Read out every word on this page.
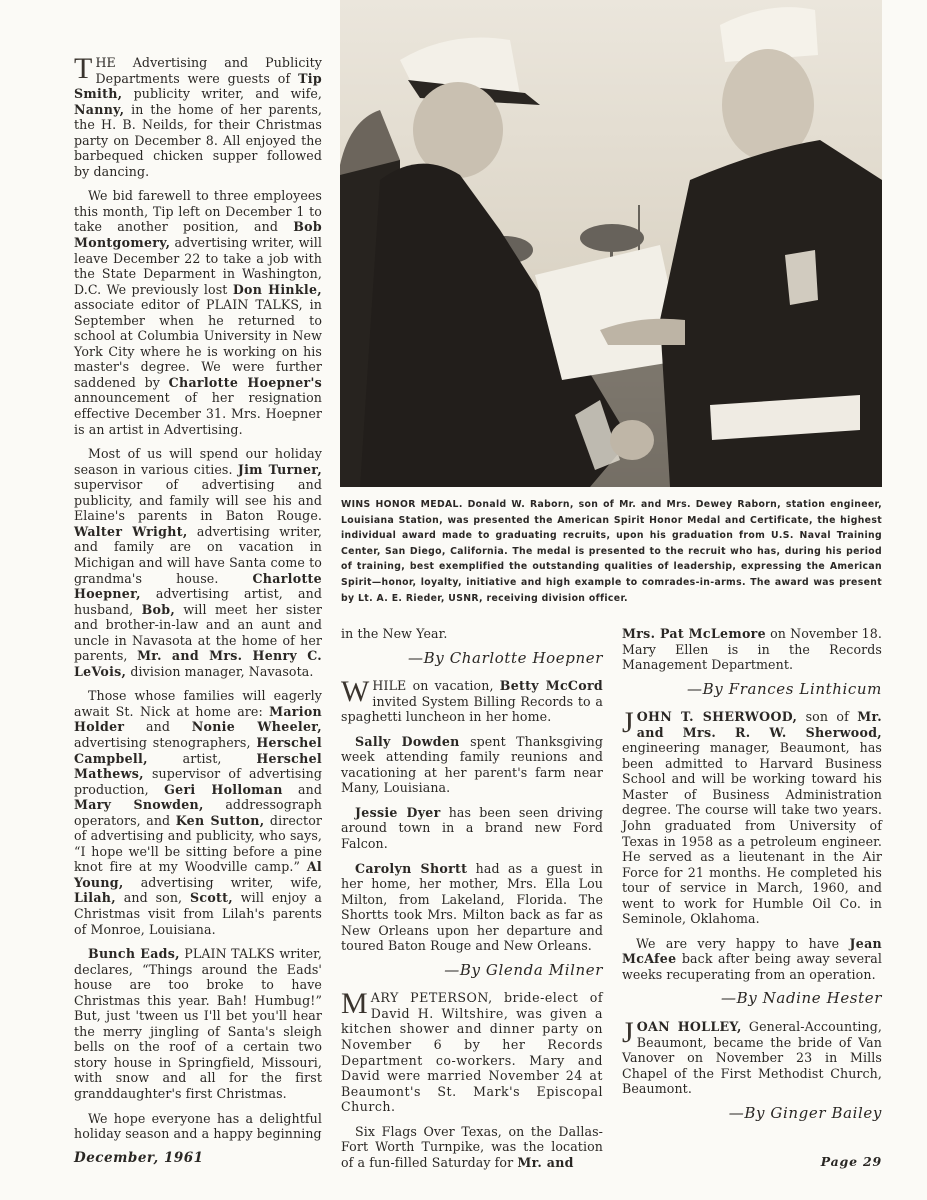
WINS HONOR MEDAL. Donald W. Raborn, son of Mr. and Mrs. Dewey Raborn, station engineer, Louisiana Station, was presented the American Spirit Honor Medal and Certificate, the highest individual award made to graduating recruits, upon his graduation from U.S. Naval Training Center, San Diego, California. The medal is presented to the recruit who has, during his period of training, best exemplified the outstanding qualities of leadership, expressing the American Spirit—honor, loyalty, initiative and high example to comrades-in-arms. The award was present by Lt. A. E. Rieder, USNR, receiving division officer.

THE Advertising and Publicity Departments were guests of Tip Smith, publicity writer, and wife, Nanny, in the home of her parents, the H. B. Neilds, for their Christmas party on December 8. All enjoyed the barbequed chicken supper followed by dancing.

We bid farewell to three employees this month, Tip left on December 1 to take another position, and Bob Montgomery, advertising writer, will leave December 22 to take a job with the State Deparment in Washington, D.C. We previously lost Don Hinkle, associate editor of PLAIN TALKS, in September when he returned to school at Columbia University in New York City where he is working on his master's degree. We were further saddened by Charlotte Hoepner's announcement of her resignation effective December 31. Mrs. Hoepner is an artist in Advertising.

Most of us will spend our holiday season in various cities. Jim Turner, supervisor of advertising and publicity, and family will see his and Elaine's parents in Baton Rouge. Walter Wright, advertising writer, and family are on vacation in Michigan and will have Santa come to grandma's house. Charlotte Hoepner, advertising artist, and husband, Bob, will meet her sister and brother-in-law and an aunt and uncle in Navasota at the home of her parents, Mr. and Mrs. Henry C. LeVois, division manager, Navasota.

Those whose families will eagerly await St. Nick at home are: Marion Holder and Nonie Wheeler, advertising stenographers, Herschel Campbell, artist, Herschel Mathews, supervisor of advertising production, Geri Holloman and Mary Snowden, addressograph operators, and Ken Sutton, director of advertising and publicity, who says, “I hope we'll be sitting before a pine knot fire at my Woodville camp.” Al Young, advertising writer, wife, Lilah, and son, Scott, will enjoy a Christmas visit from Lilah's parents of Monroe, Louisiana.

Bunch Eads, PLAIN TALKS writer, declares, “Things around the Eads' house are too broke to have Christmas this year. Bah! Humbug!” But, just 'tween us I'll bet you'll hear the merry jingling of Santa's sleigh bells on the roof of a certain two story house in Springfield, Missouri, with snow and all for the first granddaughter's first Christmas.

We hope everyone has a delightful holiday season and a happy beginning

in the New Year.

—By Charlotte Hoepner

WHILE on vacation, Betty McCord invited System Billing Records to a spaghetti luncheon in her home.

Sally Dowden spent Thanksgiving week attending family reunions and vacationing at her parent's farm near Many, Louisiana.

Jessie Dyer has been seen driving around town in a brand new Ford Falcon.

Carolyn Shortt had as a guest in her home, her mother, Mrs. Ella Lou Milton, from Lakeland, Florida. The Shortts took Mrs. Milton back as far as New Orleans upon her departure and toured Baton Rouge and New Orleans.

—By Glenda Milner

MARY PETERSON, bride-elect of David H. Wiltshire, was given a kitchen shower and dinner party on November 6 by her Records Department co-workers. Mary and David were married November 24 at Beaumont's St. Mark's Episcopal Church.

Six Flags Over Texas, on the Dallas-Fort Worth Turnpike, was the location of a fun-filled Saturday for Mr. and

Mrs. Pat McLemore on November 18. Mary Ellen is in the Records Management Department.

—By Frances Linthicum

JOHN T. SHERWOOD, son of Mr. and Mrs. R. W. Sherwood, engineering manager, Beaumont, has been admitted to Harvard Business School and will be working toward his Master of Business Administration degree. The course will take two years. John graduated from University of Texas in 1958 as a petroleum engineer. He served as a lieutenant in the Air Force for 21 months. He completed his tour of service in March, 1960, and went to work for Humble Oil Co. in Seminole, Oklahoma.

We are very happy to have Jean McAfee back after being away several weeks recuperating from an operation.

—By Nadine Hester

JOAN HOLLEY, General-Accounting, Beaumont, became the bride of Van Vanover on November 23 in Mills Chapel of the First Methodist Church, Beaumont.

—By Ginger Bailey
December, 1961	Page 29
